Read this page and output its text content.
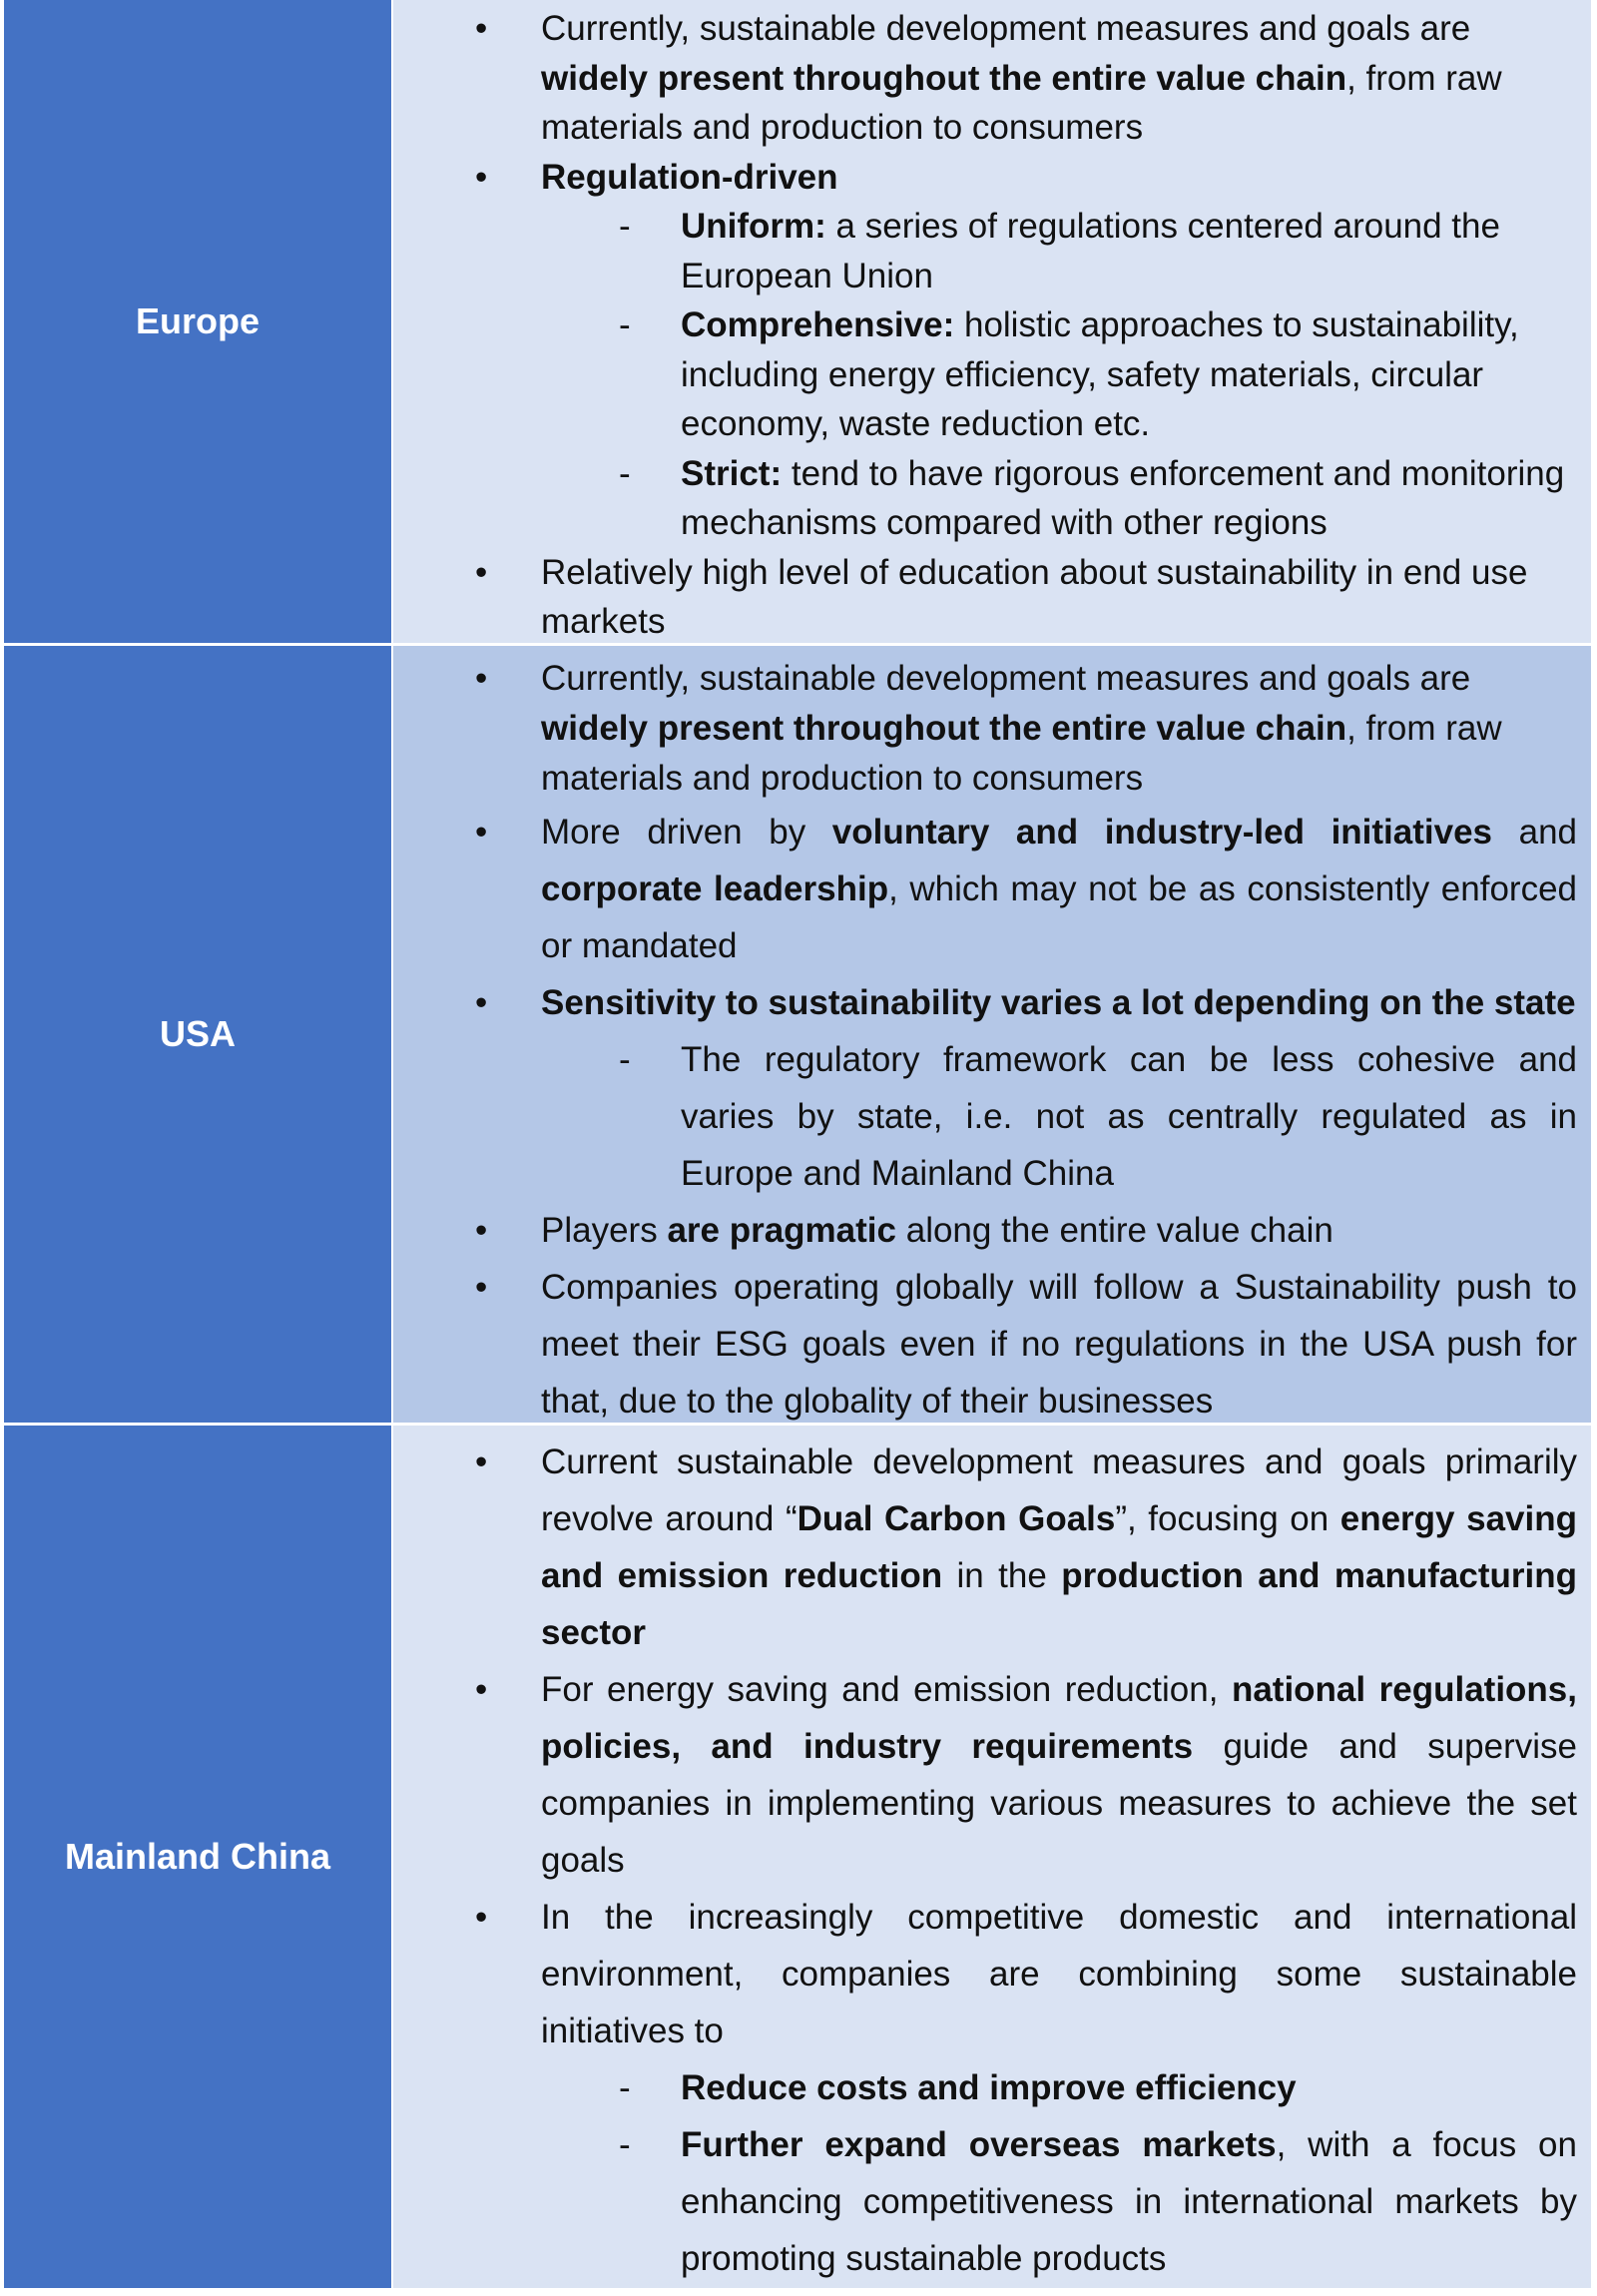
Europe

• Currently, sustainable development measures and goals are widely present throughout the entire value chain, from raw materials and production to consumers

• Regulation-driven

- Uniform: a series of regulations centered around the European Union

- Comprehensive: holistic approaches to sustainability, including energy efficiency, safety materials, circular economy, waste reduction etc.

- Strict: tend to have rigorous enforcement and monitoring mechanisms compared with other regions

• Relatively high level of education about sustainability in end use markets

USA

• Currently, sustainable development measures and goals are widely present throughout the entire value chain, from raw materials and production to consumers

• More driven by voluntary and industry-led initiatives and corporate leadership, which may not be as consistently enforced or mandated

• Sensitivity to sustainability varies a lot depending on the state

- The regulatory framework can be less cohesive and varies by state, i.e. not as centrally regulated as in Europe and Mainland China

• Players are pragmatic along the entire value chain

• Companies operating globally will follow a Sustainability push to meet their ESG goals even if no regulations in the USA push for that, due to the globality of their businesses

Mainland China

• Current sustainable development measures and goals primarily revolve around “Dual Carbon Goals”, focusing on energy saving and emission reduction in the production and manufacturing sector

• For energy saving and emission reduction, national regulations, policies, and industry requirements guide and supervise companies in implementing various measures to achieve the set goals

• In the increasingly competitive domestic and international environment, companies are combining some sustainable initiatives to

- Reduce costs and improve efficiency

- Further expand overseas markets, with a focus on enhancing competitiveness in international markets by promoting sustainable products
